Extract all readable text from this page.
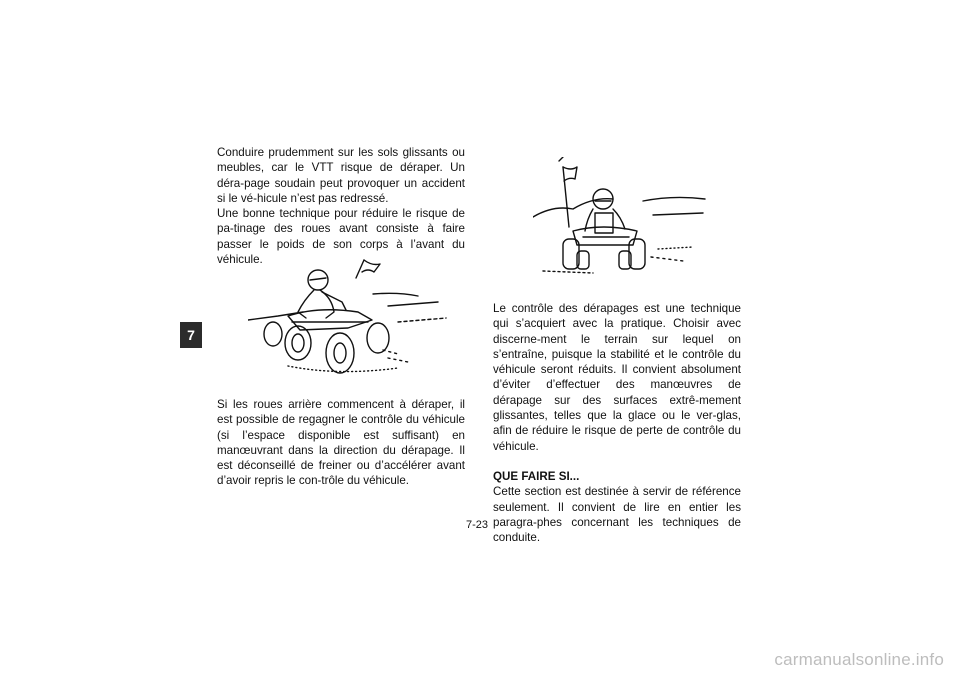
7

Conduire prudemment sur les sols glissants ou meubles, car le VTT risque de déraper. Un déra-page soudain peut provoquer un accident si le vé-hicule n’est pas redressé.

Une bonne technique pour réduire le risque de pa-tinage des roues avant consiste à faire passer le poids de son corps à l’avant du véhicule.

Si les roues arrière commencent à déraper, il est possible de regagner le contrôle du véhicule (si l’espace disponible est suffisant) en manœuvrant dans la direction du dérapage. Il est déconseillé de freiner ou d’accélérer avant d’avoir repris le con-trôle du véhicule.

Le contrôle des dérapages est une technique qui s’acquiert avec la pratique. Choisir avec discerne-ment le terrain sur lequel on s’entraîne, puisque la stabilité et le contrôle du véhicule seront réduits. Il convient absolument d’éviter d’effectuer des manœuvres de dérapage sur des surfaces extrê-mement glissantes, telles que la glace ou le ver-glas, afin de réduire le risque de perte de contrôle du véhicule.

QUE FAIRE SI...

Cette section est destinée à servir de référence seulement. Il convient de lire en entier les paragra-phes concernant les techniques de conduite.

7-23
carmanualsonline.info
